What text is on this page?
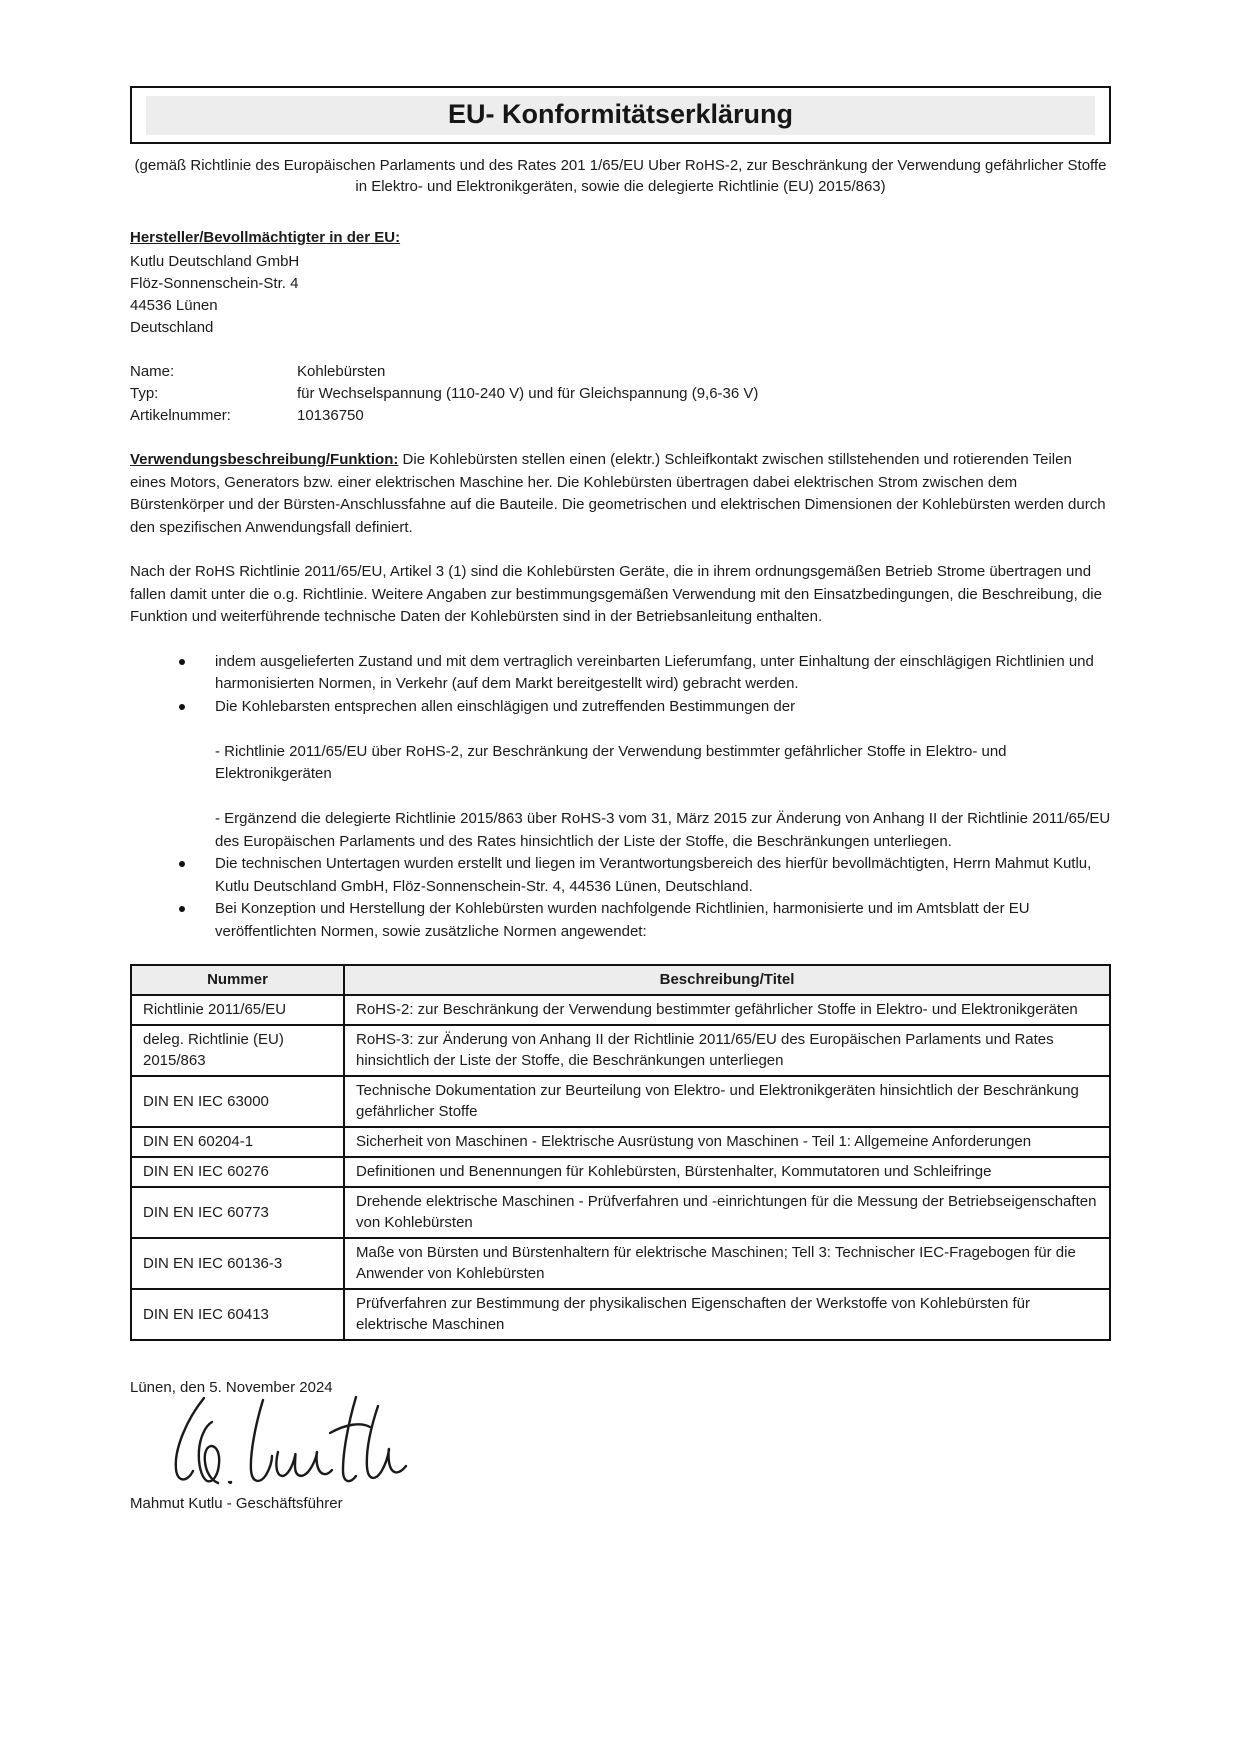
EU- Konformitätserklärung

(gemäß Richtlinie des Europäischen Parlaments und des Rates 201 1/65/EU Uber RoHS-2, zur Beschränkung der Verwendung gefährlicher Stoffe in Elektro- und Elektronikgeräten, sowie die delegierte Richtlinie (EU) 2015/863)

Hersteller/Bevollmächtigter in der EU:

Kutlu Deutschland GmbH

Flöz-Sonnenschein-Str. 4

44536 Lünen

Deutschland

Name:	Kohlebürsten
Typ:	für Wechselspannung (110-240 V) und für Gleichspannung (9,6-36 V)
Artikelnummer:	10136750

Verwendungsbeschreibung/Funktion: Die Kohlebürsten stellen einen (elektr.) Schleifkontakt zwischen stillstehenden und rotierenden Teilen eines Motors, Generators bzw. einer elektrischen Maschine her. Die Kohlebürsten übertragen dabei elektrischen Strom zwischen dem Bürstenkörper und der Bürsten-Anschlussfahne auf die Bauteile. Die geometrischen und elektrischen Dimensionen der Kohlebürsten werden durch den spezifischen Anwendungsfall definiert.

Nach der RoHS Richtlinie 2011/65/EU, Artikel 3 (1) sind die Kohlebürsten Geräte, die in ihrem ordnungsgemäßen Betrieb Strome übertragen und fallen damit unter die o.g. Richtlinie. Weitere Angaben zur bestimmungsgemäßen Verwendung mit den Einsatzbedingungen, die Beschreibung, die Funktion und weiterführende technische Daten der Kohlebürsten sind in der Betriebsanleitung enthalten.

indem ausgelieferten Zustand und mit dem vertraglich vereinbarten Lieferumfang, unter Einhaltung der einschlägigen Richtlinien und harmonisierten Normen, in Verkehr (auf dem Markt bereitgestellt wird) gebracht werden.
Die Kohlebarsten entsprechen allen einschlägigen und zutreffenden Bestimmungen der

- Richtlinie 2011/65/EU über RoHS-2, zur Beschränkung der Verwendung bestimmter gefährlicher Stoffe in Elektro- und Elektronikgeräten

- Ergänzend die delegierte Richtlinie 2015/863 über RoHS-3 vom 31, März 2015 zur Änderung von Anhang II der Richtlinie 2011/65/EU des Europäischen Parlaments und des Rates hinsichtlich der Liste der Stoffe, die Beschränkungen unterliegen.

Die technischen Untertagen wurden erstellt und liegen im Verantwortungsbereich des hierfür bevollmächtigten, Herrn Mahmut Kutlu, Kutlu Deutschland GmbH, Flöz-Sonnenschein-Str. 4, 44536 Lünen, Deutschland.
Bei Konzeption und Herstellung der Kohlebürsten wurden nachfolgende Richtlinien, harmonisierte und im Amtsblatt der EU veröffentlichten Normen, sowie zusätzliche Normen angewendet:
Nummer	Beschreibung/Titel
Richtlinie 2011/65/EU	RoHS-2: zur Beschränkung der Verwendung bestimmter gefährlicher Stoffe in Elektro- und Elektronikgeräten
deleg. Richtlinie (EU) 2015/863	RoHS-3: zur Änderung von Anhang II der Richtlinie 2011/65/EU des Europäischen Parlaments und Rates hinsichtlich der Liste der Stoffe, die Beschränkungen unterliegen
DIN EN IEC 63000	Technische Dokumentation zur Beurteilung von Elektro- und Elektronikgeräten hinsichtlich der Beschränkung gefährlicher Stoffe
DIN EN 60204-1	Sicherheit von Maschinen - Elektrische Ausrüstung von Maschinen - Teil 1: Allgemeine Anforderungen
DIN EN IEC 60276	Definitionen und Benennungen für Kohlebürsten, Bürstenhalter, Kommutatoren und Schleifringe
DIN EN IEC 60773	Drehende elektrische Maschinen - Prüfverfahren und -einrichtungen für die Messung der Betriebseigenschaften von Kohlebürsten
DIN EN IEC 60136-3	Maße von Bürsten und Bürstenhaltern für elektrische Maschinen; Tell 3: Technischer IEC-Fragebogen für die Anwender von Kohlebürsten
DIN EN IEC 60413	Prüfverfahren zur Bestimmung der physikalischen Eigenschaften der Werkstoffe von Kohlebürsten für elektrische Maschinen

Lünen, den 5. November 2024

Mahmut Kutlu - Geschäftsführer
